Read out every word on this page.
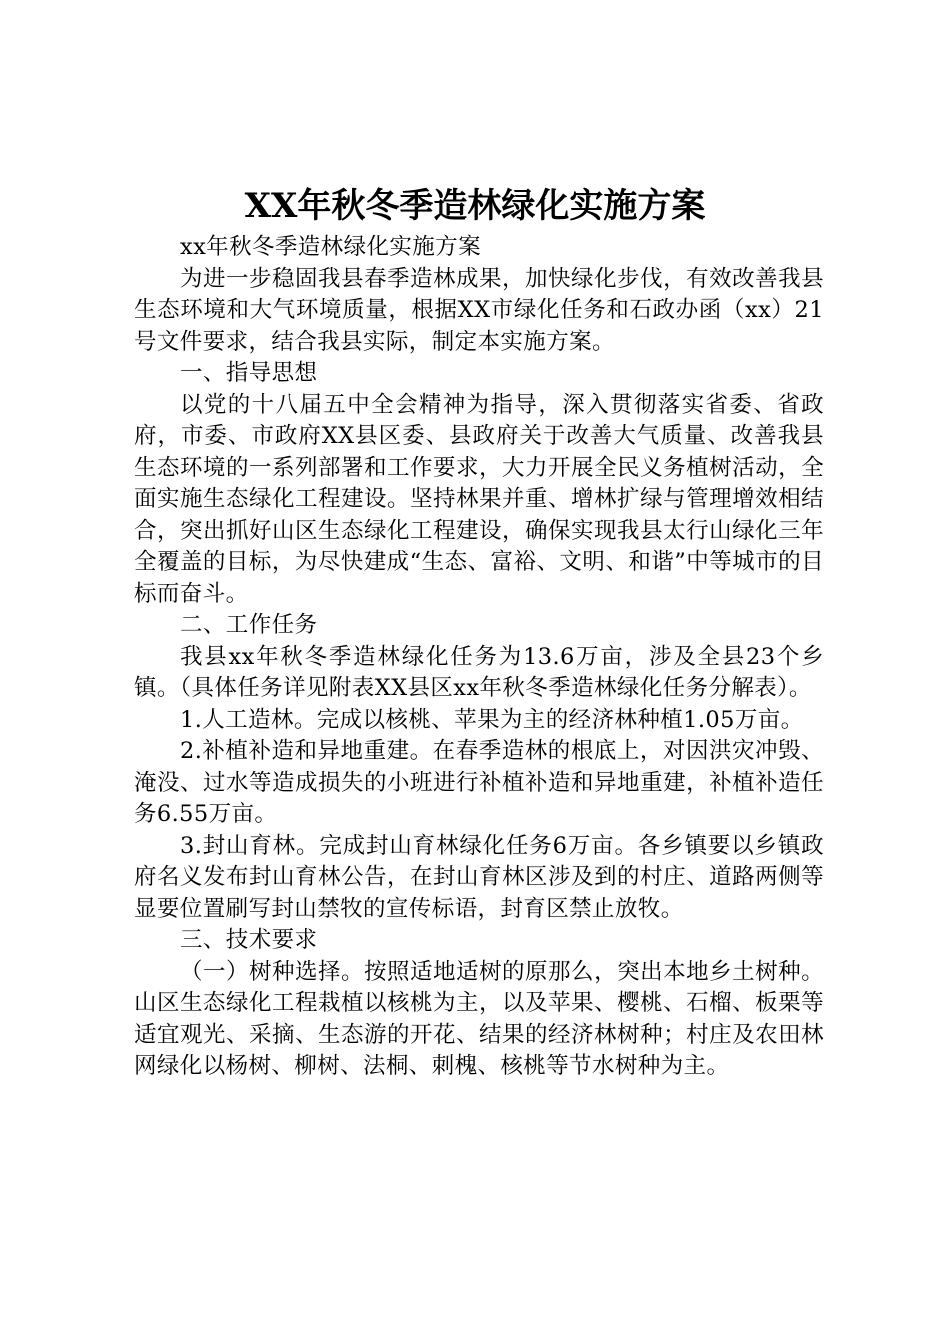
XX年秋冬季造林绿化实施方案

xx年秋冬季造林绿化实施方案

为进一步稳固我县春季造林成果，加快绿化步伐，有效改善我县生态环境和大气环境质量，根据XX市绿化任务和石政办函（xx）21号文件要求，结合我县实际，制定本实施方案。

一、指导思想

以党的十八届五中全会精神为指导，深入贯彻落实省委、省政府，市委、市政府XX县区委、县政府关于改善大气质量、改善我县生态环境的一系列部署和工作要求，大力开展全民义务植树活动，全面实施生态绿化工程建设。坚持林果并重、增林扩绿与管理增效相结合，突出抓好山区生态绿化工程建设，确保实现我县太行山绿化三年全覆盖的目标，为尽快建成“生态、富裕、文明、和谐”中等城市的目标而奋斗。

二、工作任务

我县xx年秋冬季造林绿化任务为13.6万亩，涉及全县23个乡镇。（具体任务详见附表XX县区xx年秋冬季造林绿化任务分解表）。

1.人工造林。完成以核桃、苹果为主的经济林种植1.05万亩。

2.补植补造和异地重建。在春季造林的根底上，对因洪灾冲毁、淹没、过水等造成损失的小班进行补植补造和异地重建，补植补造任务6.55万亩。

3.封山育林。完成封山育林绿化任务6万亩。各乡镇要以乡镇政府名义发布封山育林公告，在封山育林区涉及到的村庄、道路两侧等显要位置刷写封山禁牧的宣传标语，封育区禁止放牧。

三、技术要求

（一）树种选择。按照适地适树的原那么，突出本地乡土树种。山区生态绿化工程栽植以核桃为主，以及苹果、樱桃、石榴、板栗等适宜观光、采摘、生态游的开花、结果的经济林树种；村庄及农田林网绿化以杨树、柳树、法桐、刺槐、核桃等节水树种为主。
